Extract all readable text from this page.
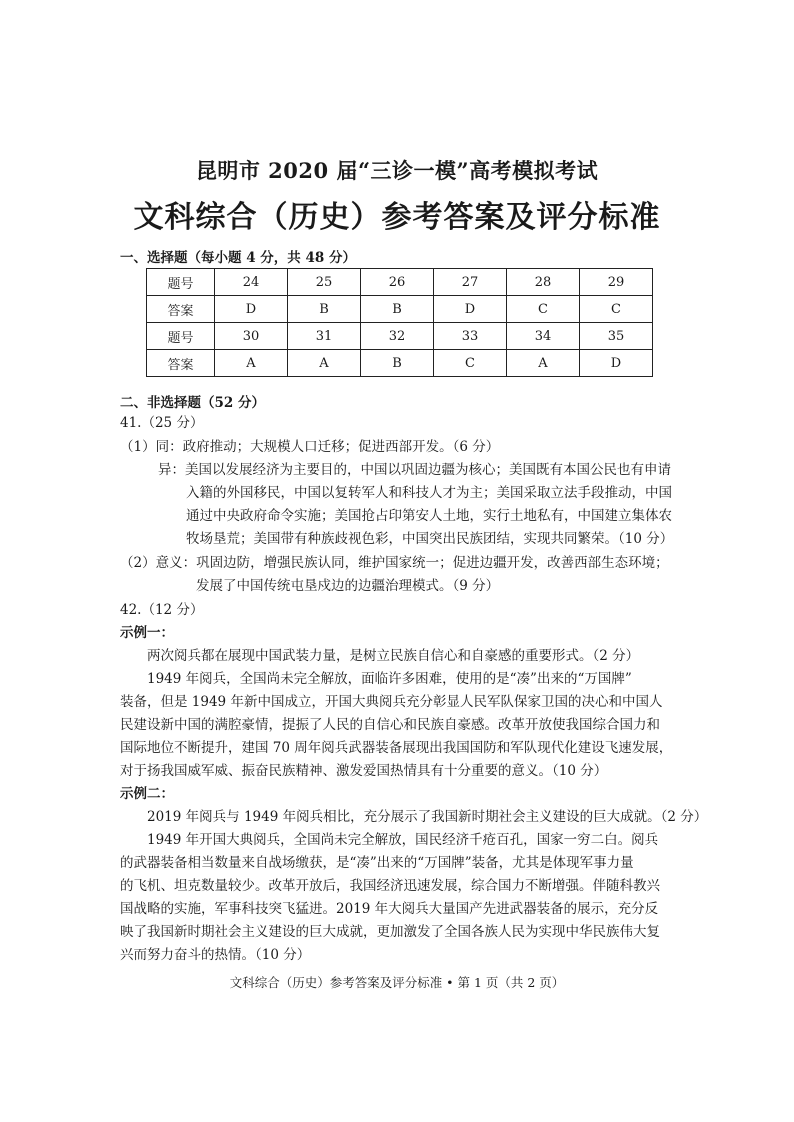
昆明市 2020 届“三诊一模”高考模拟考试
文科综合（历史）参考答案及评分标准
一、选择题（每小题 4 分，共 48 分）
题号	24	25	26	27	28	29
答案	D	B	B	D	C	C
题号	30	31	32	33	34	35
答案	A	A	B	C	A	D
二、非选择题（52 分）
41.（25 分）
（1）同：政府推动；大规模人口迁移；促进西部开发。（6 分）
异：美国以发展经济为主要目的，中国以巩固边疆为核心；美国既有本国公民也有申请
入籍的外国移民，中国以复转军人和科技人才为主；美国采取立法手段推动，中国
通过中央政府命令实施；美国抢占印第安人土地，实行土地私有，中国建立集体农
牧场垦荒；美国带有种族歧视色彩，中国突出民族团结，实现共同繁荣。（10 分）
（2）意义：巩固边防，增强民族认同，维护国家统一；促进边疆开发，改善西部生态环境；
发展了中国传统屯垦戍边的边疆治理模式。（9 分）
42.（12 分）
示例一：
两次阅兵都在展现中国武装力量，是树立民族自信心和自豪感的重要形式。（2 分）
1949 年阅兵，全国尚未完全解放，面临许多困难，使用的是“凑”出来的“万国牌”
装备，但是 1949 年新中国成立，开国大典阅兵充分彰显人民军队保家卫国的决心和中国人
民建设新中国的满腔豪情，提振了人民的自信心和民族自豪感。改革开放使我国综合国力和
国际地位不断提升，建国 70 周年阅兵武器装备展现出我国国防和军队现代化建设飞速发展，
对于扬我国威军威、振奋民族精神、激发爱国热情具有十分重要的意义。（10 分）
示例二：
2019 年阅兵与 1949 年阅兵相比，充分展示了我国新时期社会主义建设的巨大成就。（2 分）
1949 年开国大典阅兵，全国尚未完全解放，国民经济千疮百孔，国家一穷二白。阅兵
的武器装备相当数量来自战场缴获，是“凑”出来的“万国牌”装备，尤其是体现军事力量
的飞机、坦克数量较少。改革开放后，我国经济迅速发展，综合国力不断增强。伴随科教兴
国战略的实施，军事科技突飞猛进。2019 年大阅兵大量国产先进武器装备的展示，充分反
映了我国新时期社会主义建设的巨大成就，更加激发了全国各族人民为实现中华民族伟大复
兴而努力奋斗的热情。（10 分）
文科综合（历史）参考答案及评分标准 • 第 1 页（共 2 页）
